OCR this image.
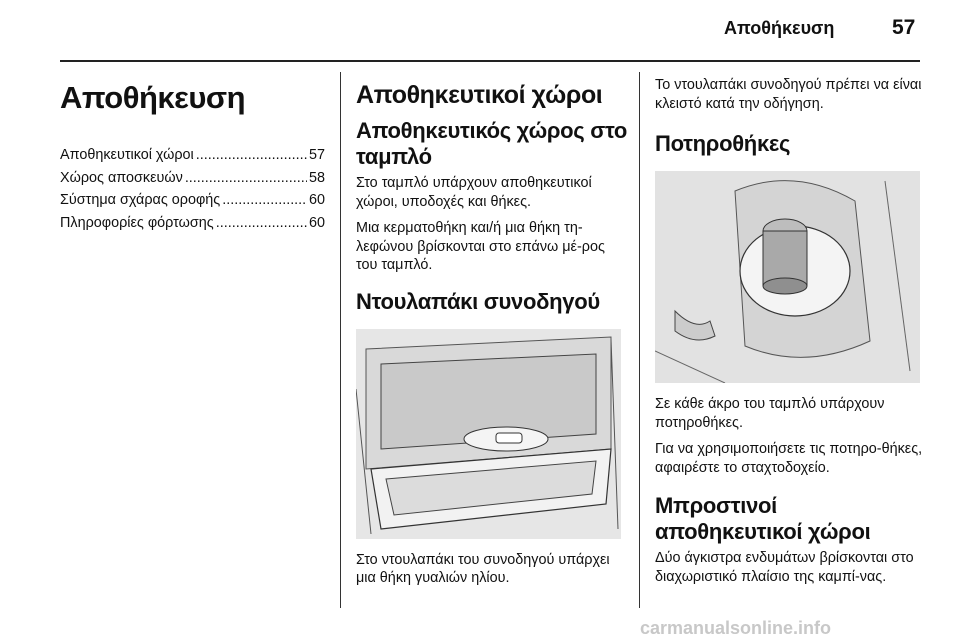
Αποθήκευση	57
Αποθήκευση
Αποθηκευτικοί χώροι .....	57
Χώρος αποσκευών .....	58
Σύστημα σχάρας οροφής .....	60
Πληροφορίες φόρτωσης .....	60
Αποθηκευτικοί χώροι
Αποθηκευτικός χώρος στο ταμπλό

Στο ταμπλό υπάρχουν αποθηκευτικοί χώροι, υποδοχές και θήκες.

Μια κερματοθήκη και/ή μια θήκη τη-λεφώνου βρίσκονται στο επάνω μέ-ρος του ταμπλό.

Ντουλαπάκι συνοδηγού

Στο ντουλαπάκι του συνοδηγού υπάρχει μια θήκη γυαλιών ηλίου.

Το ντουλαπάκι συνοδηγού πρέπει να είναι κλειστό κατά την οδήγηση.

Ποτηροθήκες

Σε κάθε άκρο του ταμπλό υπάρχουν ποτηροθήκες.

Για να χρησιμοποιήσετε τις ποτηρο-θήκες, αφαιρέστε το σταχτοδοχείο.

Μπροστινοί αποθηκευτικοί χώροι

Δύο άγκιστρα ενδυμάτων βρίσκονται στο διαχωριστικό πλαίσιο της καμπί-νας.

carmanualsonline.info
